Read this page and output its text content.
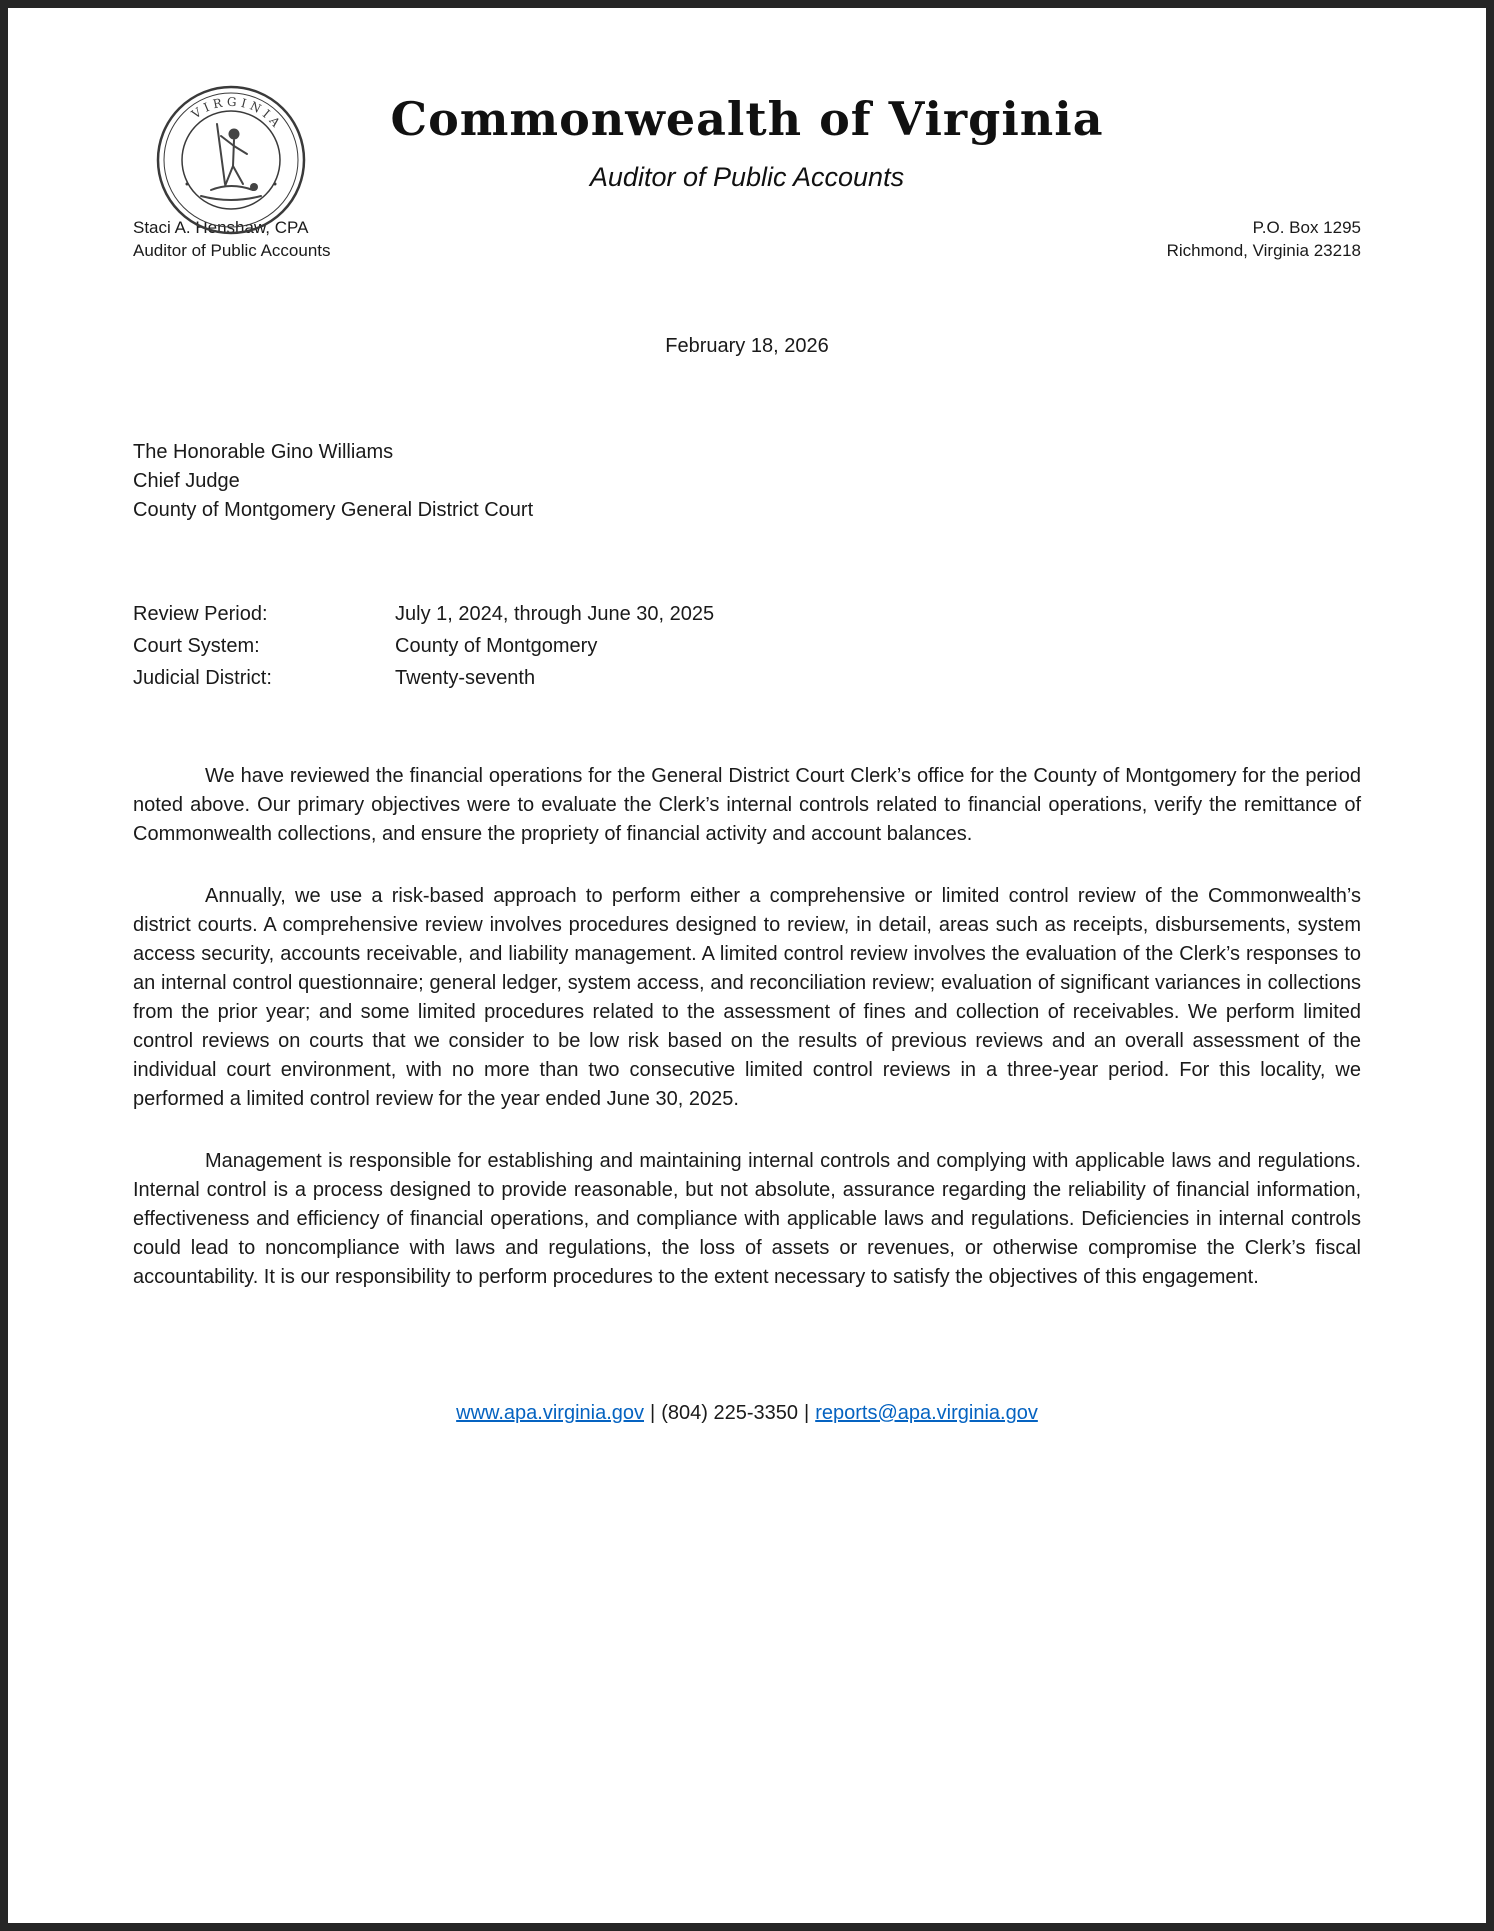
VIRGINIA	Commonwealth of Virginia
Auditor of Public Accounts
Staci A. Henshaw, CPA
Auditor of Public Accounts
P.O. Box 1295
Richmond, Virginia 23218
February 18, 2026
The Honorable Gino Williams
Chief Judge
County of Montgomery General District Court
Review Period:	July 1, 2024, through June 30, 2025
Court System:	County of Montgomery
Judicial District:	Twenty-seventh

We have reviewed the financial operations for the General District Court Clerk’s office for the County of Montgomery for the period noted above. Our primary objectives were to evaluate the Clerk’s internal controls related to financial operations, verify the remittance of Commonwealth collections, and ensure the propriety of financial activity and account balances.

Annually, we use a risk-based approach to perform either a comprehensive or limited control review of the Commonwealth’s district courts. A comprehensive review involves procedures designed to review, in detail, areas such as receipts, disbursements, system access security, accounts receivable, and liability management. A limited control review involves the evaluation of the Clerk’s responses to an internal control questionnaire; general ledger, system access, and reconciliation review; evaluation of significant variances in collections from the prior year; and some limited procedures related to the assessment of fines and collection of receivables. We perform limited control reviews on courts that we consider to be low risk based on the results of previous reviews and an overall assessment of the individual court environment, with no more than two consecutive limited control reviews in a three-year period. For this locality, we performed a limited control review for the year ended June 30, 2025.

Management is responsible for establishing and maintaining internal controls and complying with applicable laws and regulations. Internal control is a process designed to provide reasonable, but not absolute, assurance regarding the reliability of financial information, effectiveness and efficiency of financial operations, and compliance with applicable laws and regulations. Deficiencies in internal controls could lead to noncompliance with laws and regulations, the loss of assets or revenues, or otherwise compromise the Clerk’s fiscal accountability. It is our responsibility to perform procedures to the extent necessary to satisfy the objectives of this engagement.

www.apa.virginia.gov | (804) 225-3350 | reports@apa.virginia.gov
